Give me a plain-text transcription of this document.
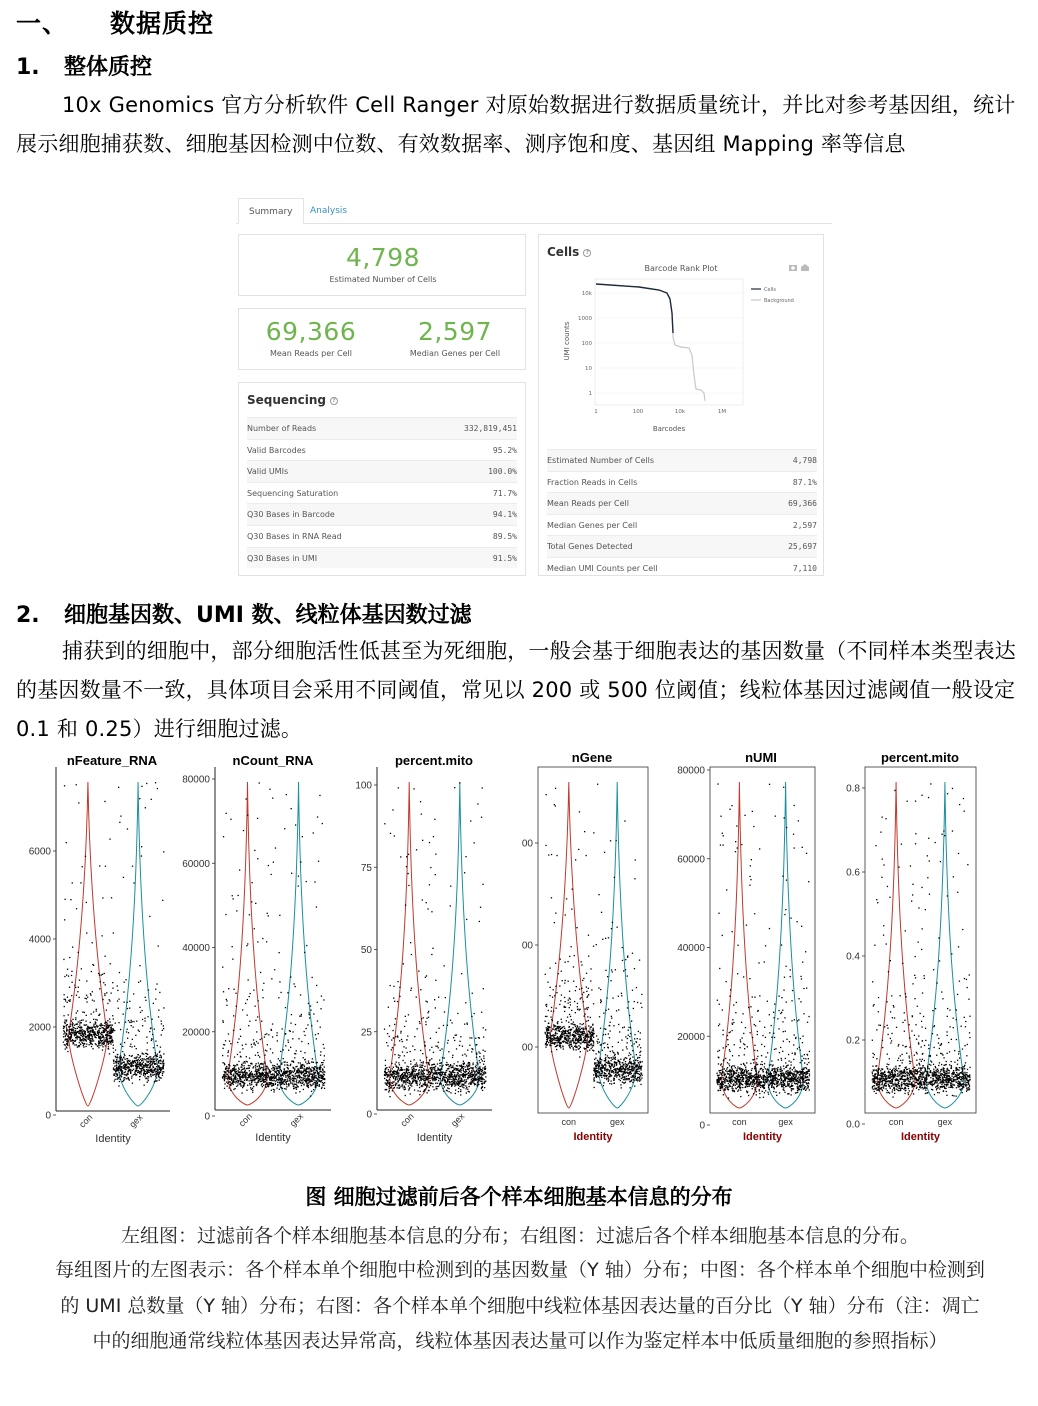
一、 数据质控
1. 整体质控
10x Genomics 官方分析软件 Cell Ranger 对原始数据进行数据质量统计，并比对参考基因组，统计展示细胞捕获数、细胞基因检测中位数、有效数据率、测序饱和度、基因组 Mapping 率等信息
Summary	Analysis
4,798
Estimated Number of Cells
69,366
Mean Reads per Cell
2,597
Median Genes per Cell
Sequencing ?
Number of Reads	332,819,451
Valid Barcodes	95.2%
Valid UMIs	100.0%
Sequencing Saturation	71.7%
Q30 Bases in Barcode	94.1%
Q30 Bases in RNA Read	89.5%
Q30 Bases in UMI	91.5%
Cells ?
Barcode Rank Plot
10k
1000
100
10
1
1	100	10k	1M
Cells
Background
Barcodes
UMI counts
Estimated Number of Cells	4,798
Fraction Reads in Cells	87.1%
Mean Reads per Cell	69,366
Median Genes per Cell	2,597
Total Genes Detected	25,697
Median UMI Counts per Cell	7,110
2. 细胞基因数、UMI 数、线粒体基因数过滤
捕获到的细胞中，部分细胞活性低甚至为死细胞，一般会基于细胞表达的基因数量（不同样本类型表达的基因数量不一致，具体项目会采用不同阈值，常见以 200 或 500 位阈值；线粒体基因过滤阈值一般设定 0.1 和 0.25）进行细胞过滤。
nFeature_RNA
6000
4000
2000
0	con	gex
Identity
nCount_RNA
80000
60000
40000
20000
0	con	gex
Identity
percent.mito
100
75
50
25
0	con	gex
Identity
nGene
00
00
00
con	gex
Identity
nUMI
80000
60000
40000
20000
0	con	gex
Identity
percent.mito
0.8
0.6
0.4
0.2
0.0	con	gex
Identity
图 细胞过滤前后各个样本细胞基本信息的分布
左组图：过滤前各个样本细胞基本信息的分布；右组图：过滤后各个样本细胞基本信息的分布。
每组图片的左图表示：各个样本单个细胞中检测到的基因数量（Y 轴）分布；中图：各个样本单个细胞中检测到
的 UMI 总数量（Y 轴）分布；右图：各个样本单个细胞中线粒体基因表达量的百分比（Y 轴）分布（注：凋亡
中的细胞通常线粒体基因表达异常高，线粒体基因表达量可以作为鉴定样本中低质量细胞的参照指标）
